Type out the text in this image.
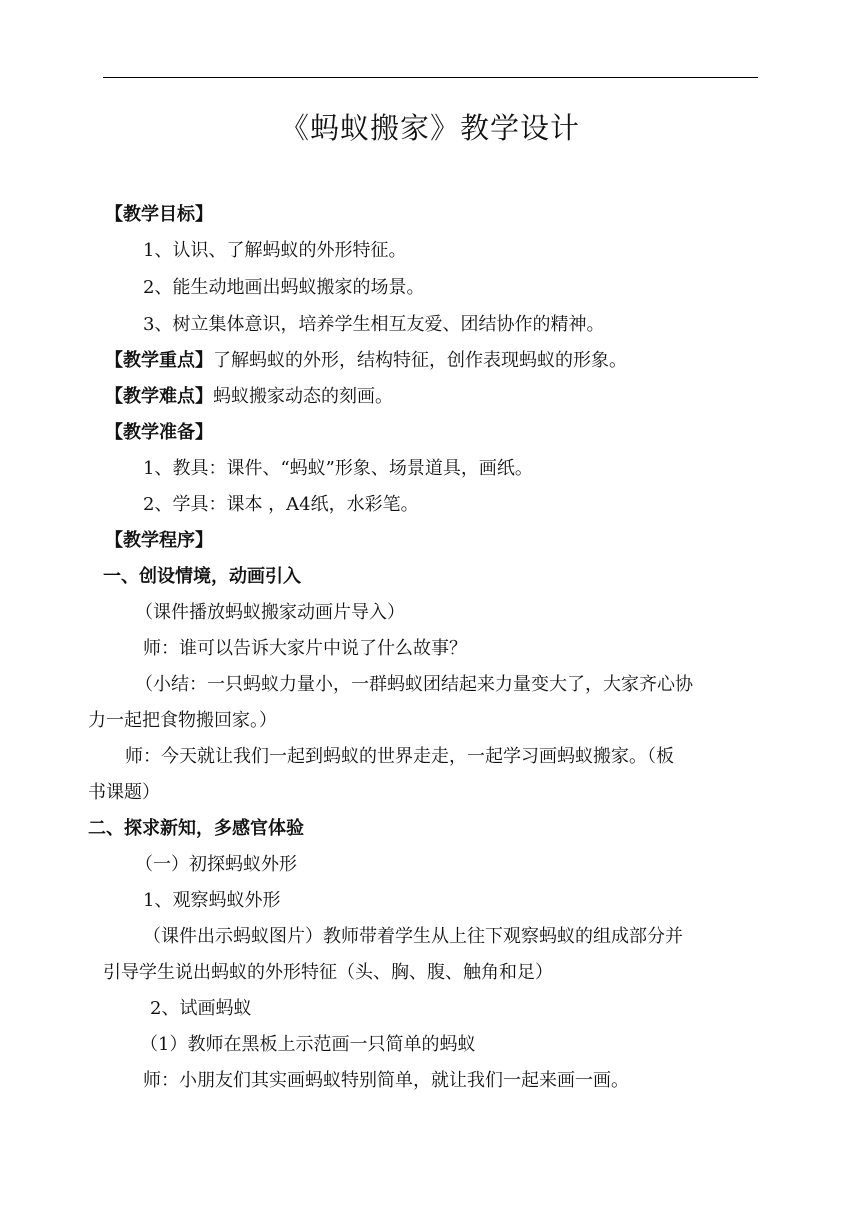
《蚂蚁搬家》教学设计
【教学目标】
1、认识、了解蚂蚁的外形特征。
2、能生动地画出蚂蚁搬家的场景。
3、树立集体意识，培养学生相互友爱、团结协作的精神。
【教学重点】了解蚂蚁的外形，结构特征，创作表现蚂蚁的形象。
【教学难点】蚂蚁搬家动态的刻画。
【教学准备】
1、教具：课件、“蚂蚁”形象、场景道具，画纸。
2、学具：课本 ，A4纸，水彩笔。
【教学程序】
一、创设情境，动画引入
（课件播放蚂蚁搬家动画片导入）
师：谁可以告诉大家片中说了什么故事？
（小结：一只蚂蚁力量小，一群蚂蚁团结起来力量变大了，大家齐心协
力一起把食物搬回家。）
师：今天就让我们一起到蚂蚁的世界走走，一起学习画蚂蚁搬家。（板
书课题）
二、探求新知，多感官体验
（一）初探蚂蚁外形
1、观察蚂蚁外形
（课件出示蚂蚁图片）教师带着学生从上往下观察蚂蚁的组成部分并
引导学生说出蚂蚁的外形特征（头、胸、腹、触角和足）
2、试画蚂蚁
（1）教师在黑板上示范画一只简单的蚂蚁
师：小朋友们其实画蚂蚁特别简单，就让我们一起来画一画。
